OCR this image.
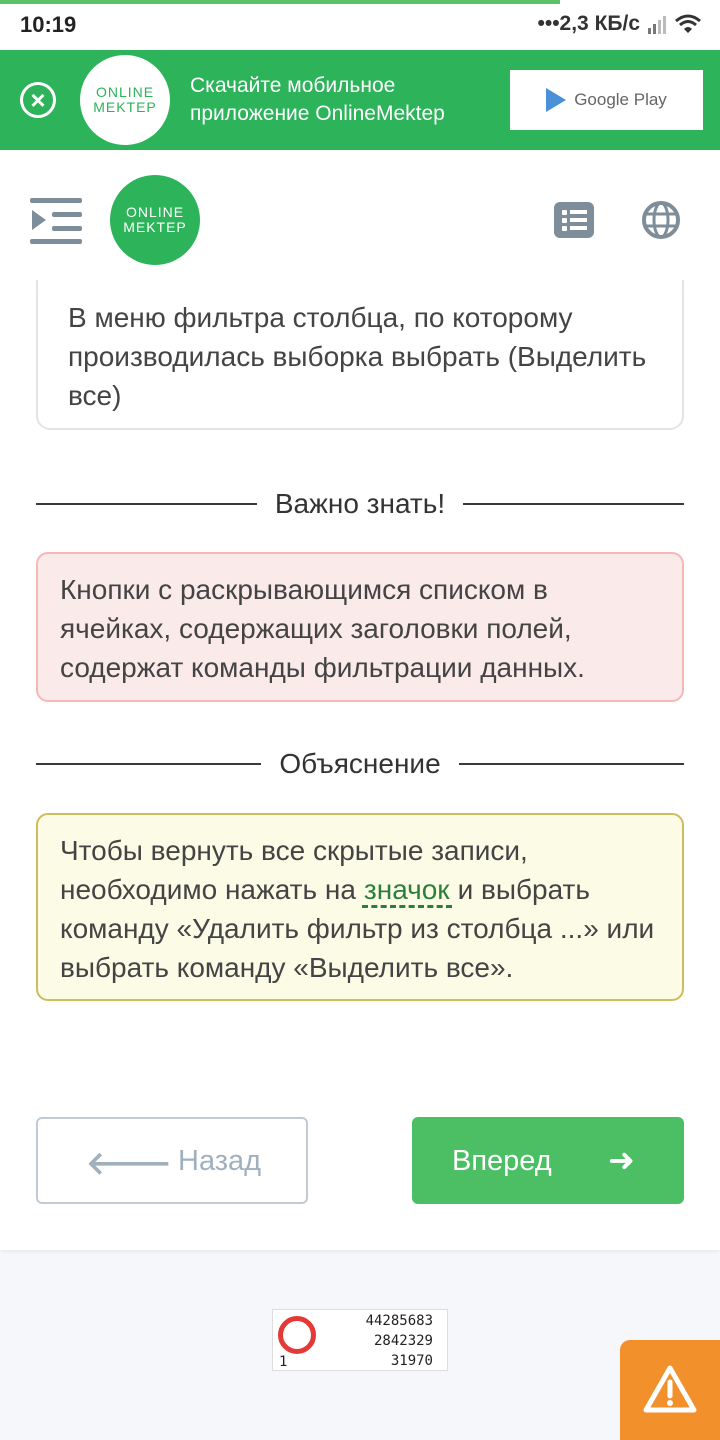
10:19	•••2,3 КБ/с
×	ONLINE
MEKTEP
Скачайте мобильное приложение OnlineMektep
Google Play
ONLINE
MEKTEP
В меню фильтра столбца, по которому производилась выборка выбрать (Выделить все)
Важно знать!
Кнопки с раскрывающимся списком в ячейках, содержащих заголовки полей, содержат команды фильтрации данных.
Объяснение
Чтобы вернуть все скрытые записи, необходимо нажать на значок и выбрать команду «Удалить фильтр из столбца ...» или выбрать команду «Выделить все».
🡐 Назад	Вперед ➜
1
44285683
2842329
31970
